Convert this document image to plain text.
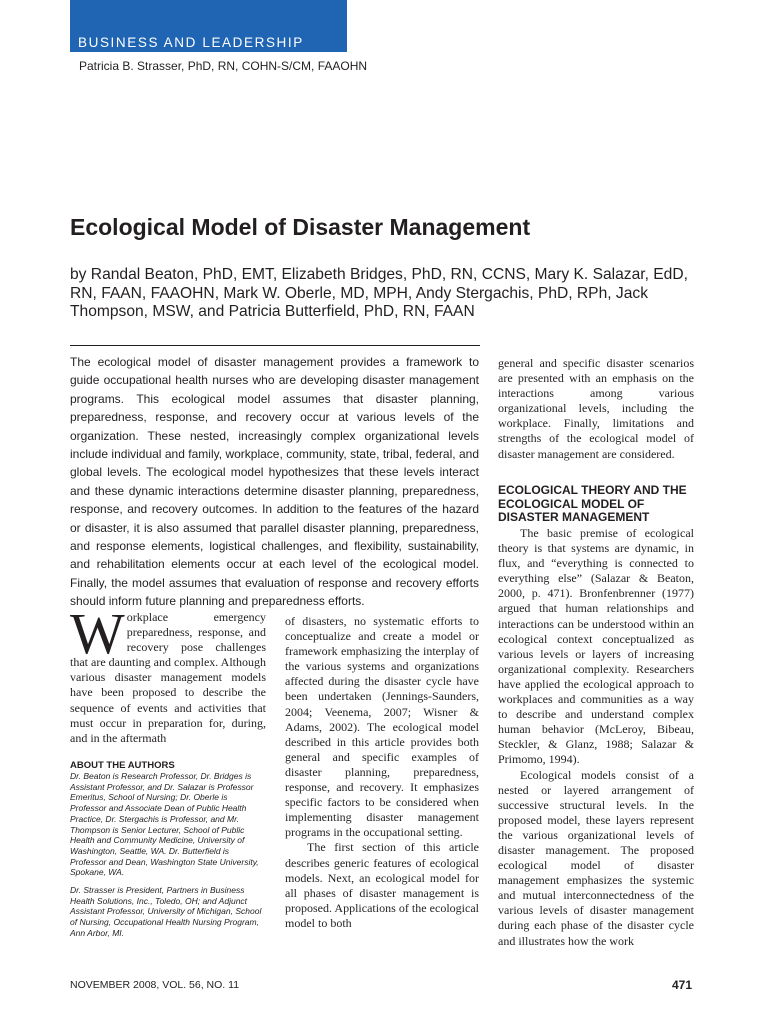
BUSINESS AND LEADERSHIP
Patricia B. Strasser, PhD, RN, COHN-S/CM, FAAOHN
Ecological Model of Disaster Management

by Randal Beaton, PhD, EMT, Elizabeth Bridges, PhD, RN, CCNS, Mary K. Salazar, EdD, RN, FAAN, FAAOHN, Mark W. Oberle, MD, MPH, Andy Stergachis, PhD, RPh, Jack Thompson, MSW, and Patricia Butterfield, PhD, RN, FAAN

The ecological model of disaster management provides a framework to guide occupational health nurses who are developing disaster management programs. This ecological model assumes that disaster planning, preparedness, response, and recovery occur at various levels of the organization. These nested, increasingly complex organizational levels include individual and family, workplace, community, state, tribal, federal, and global levels. The ecological model hypothesizes that these levels interact and these dynamic interactions determine disaster planning, preparedness, response, and recovery outcomes. In addition to the features of the hazard or disaster, it is also assumed that parallel disaster planning, preparedness, and response elements, logistical challenges, and flexibility, sustainability, and rehabilitation elements occur at each level of the ecological model. Finally, the model assumes that evaluation of response and recovery efforts should inform future planning and preparedness efforts.

Workplace emergency preparedness, response, and recovery pose challenges that are daunting and complex. Although various disaster management models have been proposed to describe the sequence of events and activities that must occur in preparation for, during, and in the aftermath

ABOUT THE AUTHORS

Dr. Beaton is Research Professor, Dr. Bridges is Assistant Professor, and Dr. Salazar is Professor Emeritus, School of Nursing; Dr. Oberle is Professor and Associate Dean of Public Health Practice, Dr. Stergachis is Professor, and Mr. Thompson is Senior Lecturer, School of Public Health and Community Medicine, University of Washington, Seattle, WA. Dr. Butterfield is Professor and Dean, Washington State University, Spokane, WA.

Dr. Strasser is President, Partners in Business Health Solutions, Inc., Toledo, OH; and Adjunct Assistant Professor, University of Michigan, School of Nursing, Occupational Health Nursing Program, Ann Arbor, MI.

of disasters, no systematic efforts to conceptualize and create a model or framework emphasizing the interplay of the various systems and organizations affected during the disaster cycle have been undertaken (Jennings-Saunders, 2004; Veenema, 2007; Wisner & Adams, 2002). The ecological model described in this article provides both general and specific examples of disaster planning, preparedness, response, and recovery. It emphasizes specific factors to be considered when implementing disaster management programs in the occupational setting.

The first section of this article describes generic features of ecological models. Next, an ecological model for all phases of disaster management is proposed. Applications of the ecological model to both

general and specific disaster scenarios are presented with an emphasis on the interactions among various organizational levels, including the workplace. Finally, limitations and strengths of the ecological model of disaster management are considered.

ECOLOGICAL THEORY AND THE ECOLOGICAL MODEL OF DISASTER MANAGEMENT

The basic premise of ecological theory is that systems are dynamic, in flux, and “everything is connected to everything else” (Salazar & Beaton, 2000, p. 471). Bronfenbrenner (1977) argued that human relationships and interactions can be understood within an ecological context conceptualized as various levels or layers of increasing organizational complexity. Researchers have applied the ecological approach to workplaces and communities as a way to describe and understand complex human behavior (McLeroy, Bibeau, Steckler, & Glanz, 1988; Salazar & Primomo, 1994).

Ecological models consist of a nested or layered arrangement of successive structural levels. In the proposed model, these layers represent the various organizational levels of disaster management. The proposed ecological model of disaster management emphasizes the systemic and mutual interconnectedness of the various levels of disaster management during each phase of the disaster cycle and illustrates how the work

NOVEMBER 2008, VOL. 56, NO. 11	471
